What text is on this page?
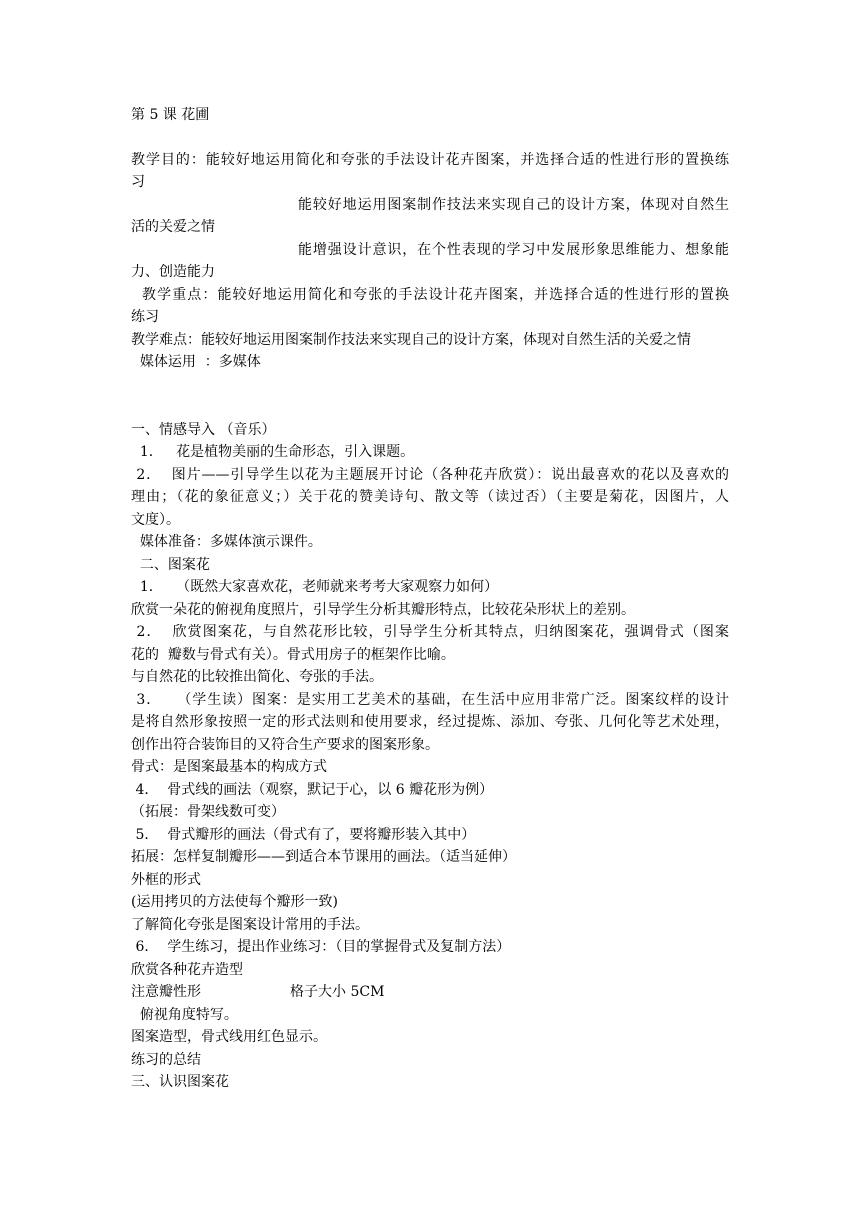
第 5 课 花圃
教学目的：能较好地运用简化和夸张的手法设计花卉图案，并选择合适的性进行形的置换练
习
能较好地运用图案制作技法来实现自己的设计方案，体现对自然生
活的关爱之情
能增强设计意识，在个性表现的学习中发展形象思维能力、想象能
力、创造能力
教学重点：能较好地运用简化和夸张的手法设计花卉图案，并选择合适的性进行形的置换
练习
教学难点：能较好地运用图案制作技法来实现自己的设计方案，体现对自然生活的关爱之情
媒体运用  ：多媒体
一、情感导入 （音乐）
1．   花是植物美丽的生命形态，引入课题。
2．  图片——引导学生以花为主题展开讨论（各种花卉欣赏）：说出最喜欢的花以及喜欢的
理由；（花的象征意义；）关于花的赞美诗句、散文等（读过否）（主要是菊花，因图片，人
文度）。
媒体准备：多媒体演示课件。
二、图案花
1．   （既然大家喜欢花，老师就来考考大家观察力如何）
欣赏一朵花的俯视角度照片，引导学生分析其瓣形特点，比较花朵形状上的差别。
2．  欣赏图案花，与自然花形比较，引导学生分析其特点，归纳图案花，强调骨式（图案
花的  瓣数与骨式有关）。骨式用房子的框架作比喻。
与自然花的比较推出简化、夸张的手法。
3．   （学生读）图案：是实用工艺美术的基础，在生活中应用非常广泛。图案纹样的设计
是将自然形象按照一定的形式法则和使用要求，经过提炼、添加、夸张、几何化等艺术处理，
创作出符合装饰目的又符合生产要求的图案形象。
骨式：是图案最基本的构成方式
4．  骨式线的画法（观察，默记于心，以 6 瓣花形为例）
（拓展：骨架线数可变）
5．  骨式瓣形的画法（骨式有了，要将瓣形装入其中）
拓展：怎样复制瓣形——到适合本节课用的画法。（适当延伸）
外框的形式
(运用拷贝的方法使每个瓣形一致)
了解简化夸张是图案设计常用的手法。
6．  学生练习，提出作业练习：（目的掌握骨式及复制方法）
欣赏各种花卉造型
注意瓣性形	格子大小 5CM
俯视角度特写。
图案造型，骨式线用红色显示。
练习的总结
三、认识图案花
